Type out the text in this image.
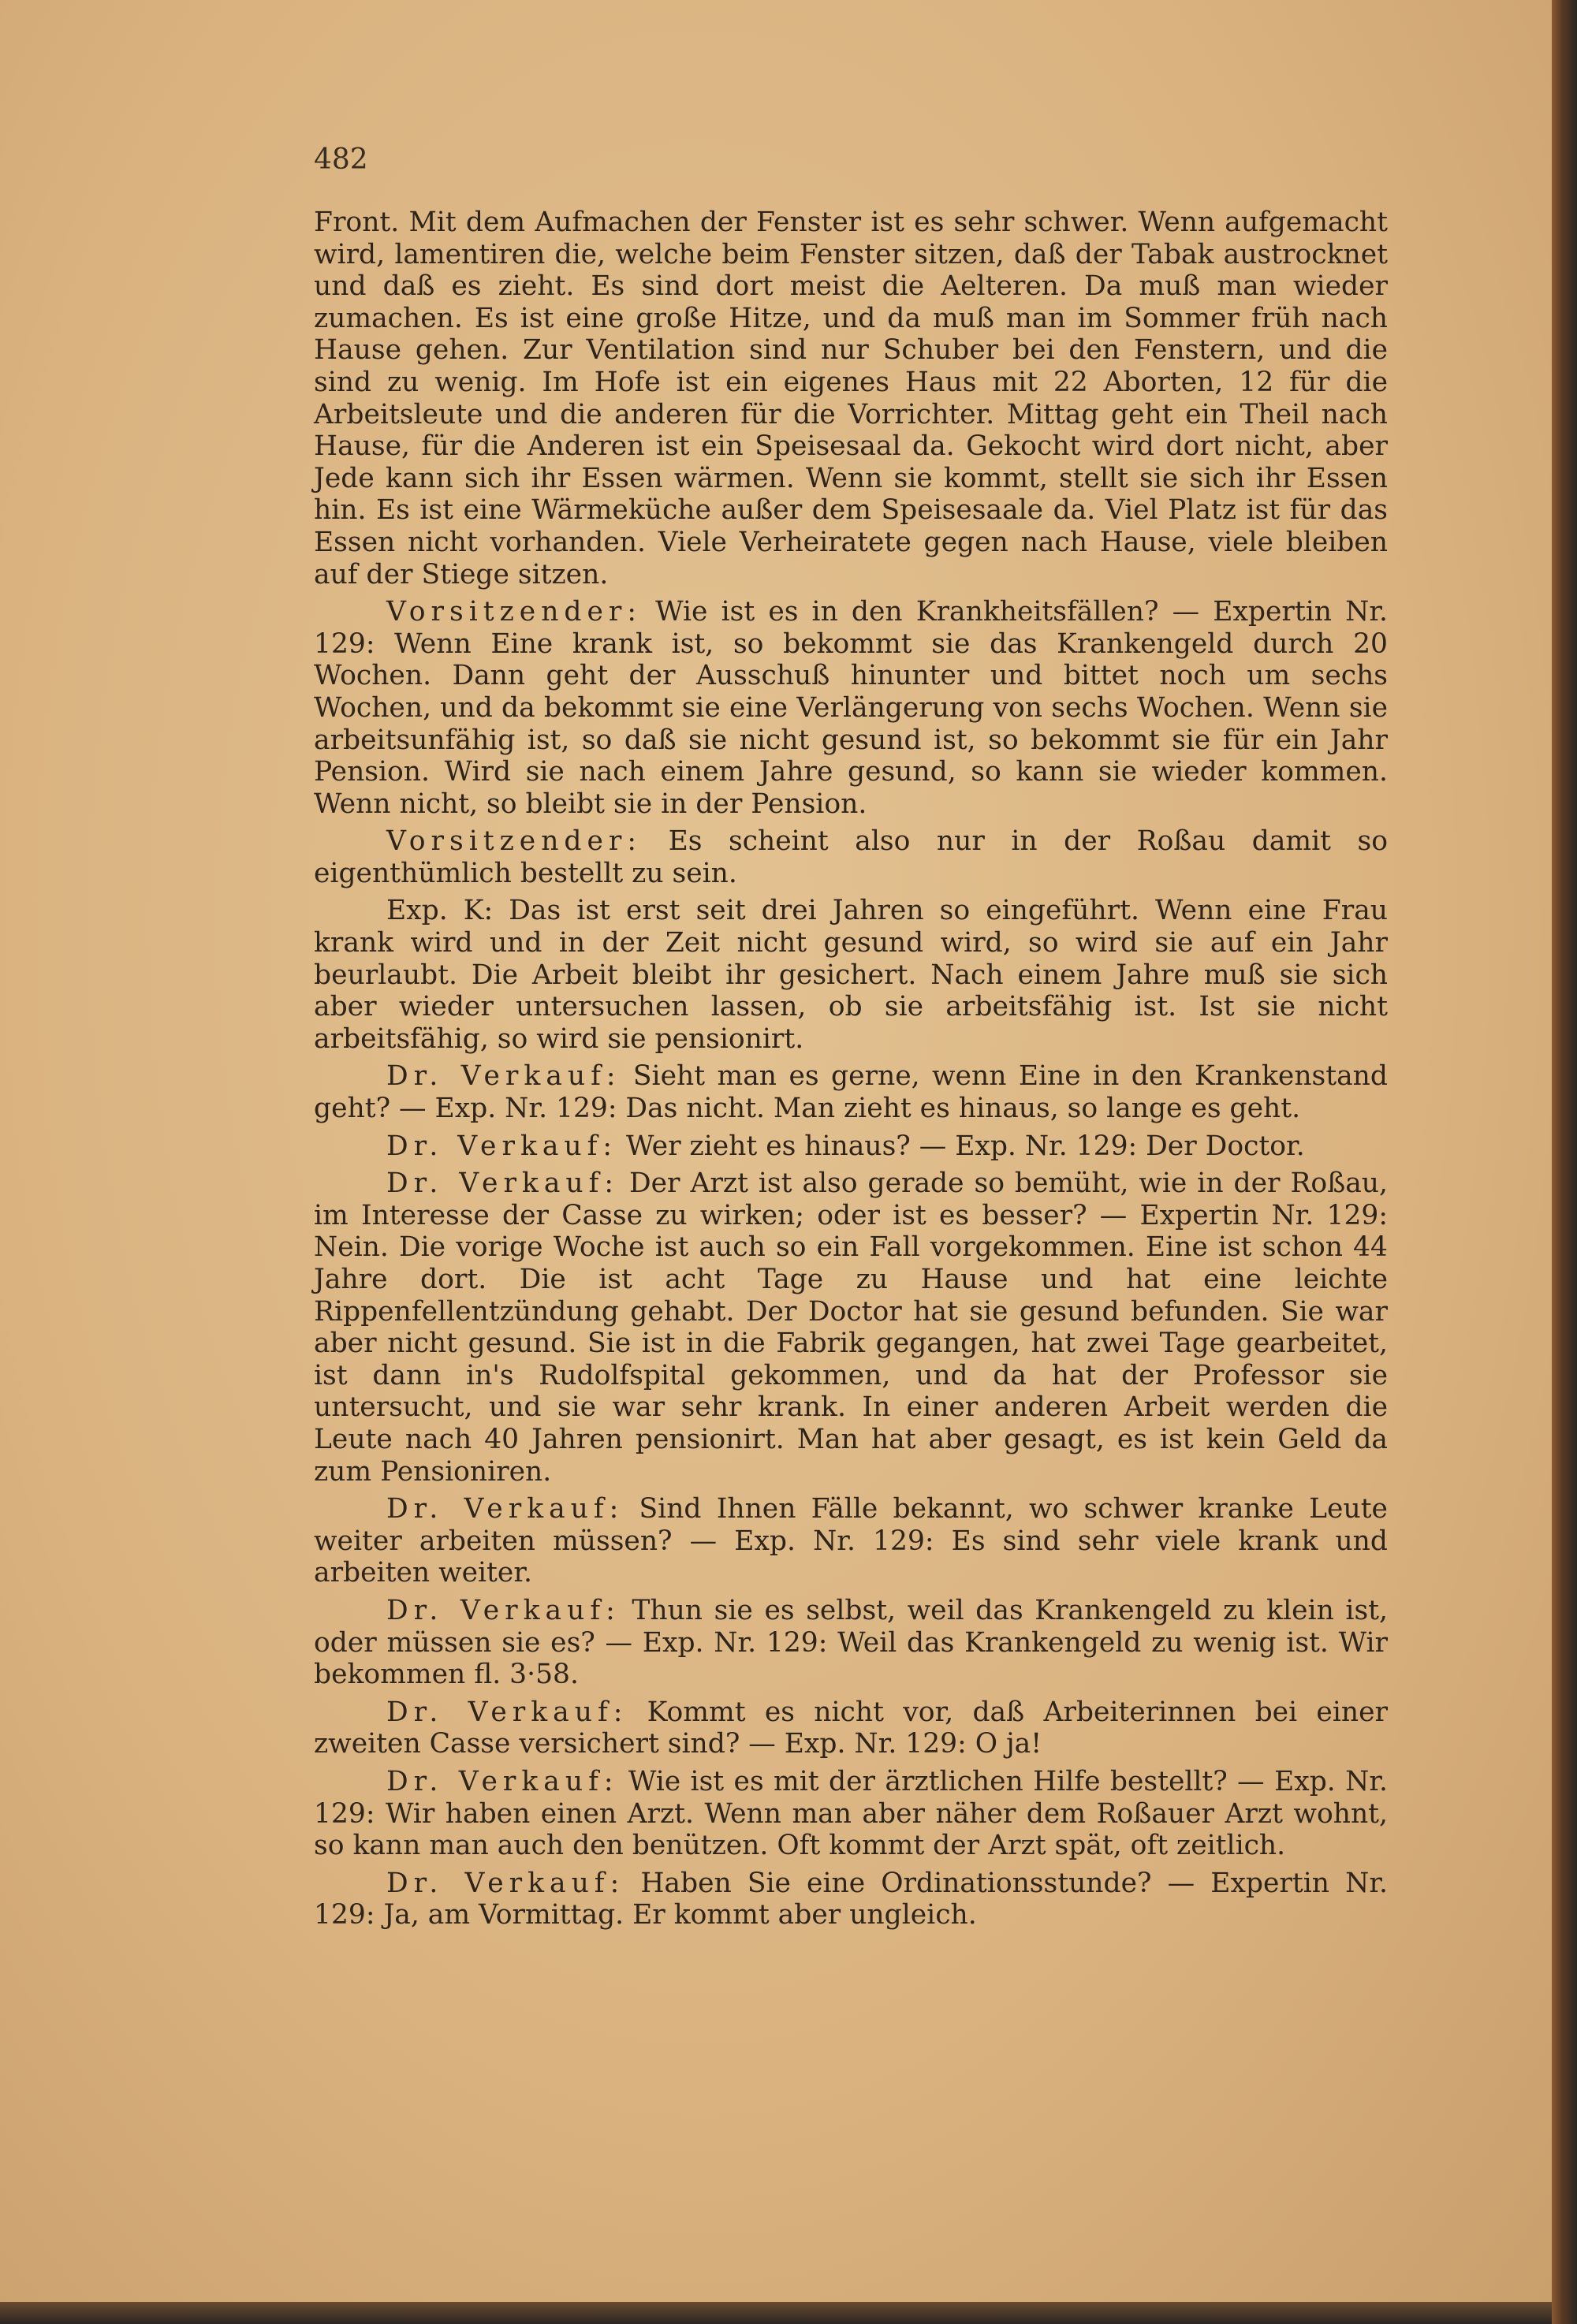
482

Front. Mit dem Aufmachen der Fenster ist es sehr schwer. Wenn aufgemacht wird, lamentiren die, welche beim Fenster sitzen, daß der Tabak austrocknet und daß es zieht. Es sind dort meist die Aelteren. Da muß man wieder zumachen. Es ist eine große Hitze, und da muß man im Sommer früh nach Hause gehen. Zur Ventilation sind nur Schuber bei den Fenstern, und die sind zu wenig. Im Hofe ist ein eigenes Haus mit 22 Aborten, 12 für die Arbeitsleute und die anderen für die Vorrichter. Mittag geht ein Theil nach Hause, für die Anderen ist ein Speisesaal da. Gekocht wird dort nicht, aber Jede kann sich ihr Essen wärmen. Wenn sie kommt, stellt sie sich ihr Essen hin. Es ist eine Wärmeküche außer dem Speisesaale da. Viel Platz ist für das Essen nicht vorhanden. Viele Verheiratete gegen nach Hause, viele bleiben auf der Stiege sitzen.

Vorsitzender: Wie ist es in den Krankheitsfällen? — Expertin Nr. 129: Wenn Eine krank ist, so bekommt sie das Krankengeld durch 20 Wochen. Dann geht der Ausschuß hinunter und bittet noch um sechs Wochen, und da bekommt sie eine Verlängerung von sechs Wochen. Wenn sie arbeitsunfähig ist, so daß sie nicht gesund ist, so bekommt sie für ein Jahr Pension. Wird sie nach einem Jahre gesund, so kann sie wieder kommen. Wenn nicht, so bleibt sie in der Pension.

Vorsitzender: Es scheint also nur in der Roßau damit so eigenthümlich bestellt zu sein.

Exp. K: Das ist erst seit drei Jahren so eingeführt. Wenn eine Frau krank wird und in der Zeit nicht gesund wird, so wird sie auf ein Jahr beurlaubt. Die Arbeit bleibt ihr gesichert. Nach einem Jahre muß sie sich aber wieder untersuchen lassen, ob sie arbeitsfähig ist. Ist sie nicht arbeitsfähig, so wird sie pensionirt.

Dr. Verkauf: Sieht man es gerne, wenn Eine in den Krankenstand geht? — Exp. Nr. 129: Das nicht. Man zieht es hinaus, so lange es geht.

Dr. Verkauf: Wer zieht es hinaus? — Exp. Nr. 129: Der Doctor.

Dr. Verkauf: Der Arzt ist also gerade so bemüht, wie in der Roßau, im Interesse der Casse zu wirken; oder ist es besser? — Expertin Nr. 129: Nein. Die vorige Woche ist auch so ein Fall vorgekommen. Eine ist schon 44 Jahre dort. Die ist acht Tage zu Hause und hat eine leichte Rippenfellentzündung gehabt. Der Doctor hat sie gesund befunden. Sie war aber nicht gesund. Sie ist in die Fabrik gegangen, hat zwei Tage gearbeitet, ist dann in's Rudolfspital gekommen, und da hat der Professor sie untersucht, und sie war sehr krank. In einer anderen Arbeit werden die Leute nach 40 Jahren pensionirt. Man hat aber gesagt, es ist kein Geld da zum Pensioniren.

Dr. Verkauf: Sind Ihnen Fälle bekannt, wo schwer kranke Leute weiter arbeiten müssen? — Exp. Nr. 129: Es sind sehr viele krank und arbeiten weiter.

Dr. Verkauf: Thun sie es selbst, weil das Krankengeld zu klein ist, oder müssen sie es? — Exp. Nr. 129: Weil das Krankengeld zu wenig ist. Wir bekommen fl. 3·58.

Dr. Verkauf: Kommt es nicht vor, daß Arbeiterinnen bei einer zweiten Casse versichert sind? — Exp. Nr. 129: O ja!

Dr. Verkauf: Wie ist es mit der ärztlichen Hilfe bestellt? — Exp. Nr. 129: Wir haben einen Arzt. Wenn man aber näher dem Roßauer Arzt wohnt, so kann man auch den benützen. Oft kommt der Arzt spät, oft zeitlich.

Dr. Verkauf: Haben Sie eine Ordinationsstunde? — Expertin Nr. 129: Ja, am Vormittag. Er kommt aber ungleich.
